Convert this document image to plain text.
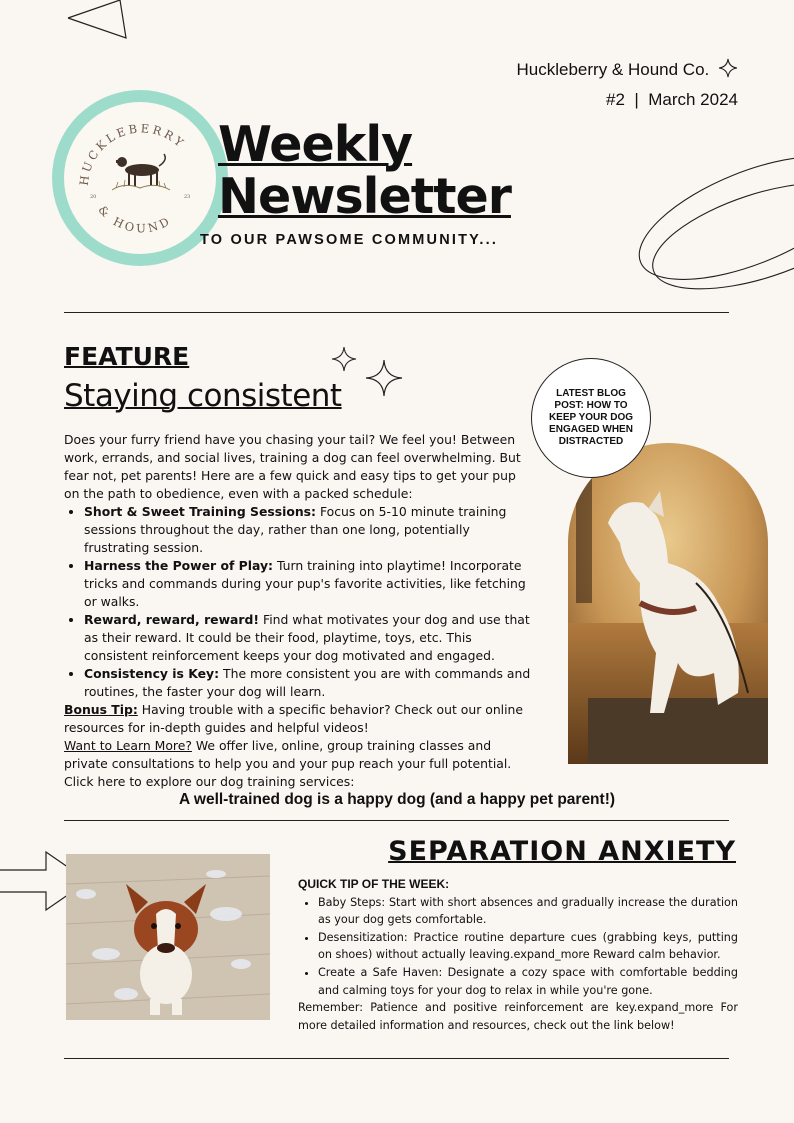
Huckleberry & Hound Co.
#2  |  March 2024
HUCKLEBERRY
& HOUND
20	23
Weekly
Newsletter
TO OUR PAWSOME COMMUNITY...
FEATURE
Staying consistent

Does your furry friend have you chasing your tail? We feel you! Between work, errands, and social lives, training a dog can feel overwhelming. But fear not, pet parents! Here are a few quick and easy tips to get your pup on the path to obedience, even with a packed schedule:

• Short & Sweet Training Sessions: Focus on 5-10 minute training sessions throughout the day, rather than one long, potentially frustrating session.
• Harness the Power of Play: Turn training into playtime! Incorporate tricks and commands during your pup's favorite activities, like fetching or walks.
• Reward, reward, reward! Find what motivates your dog and use that as their reward. It could be their food, playtime, toys, etc. This consistent reinforcement keeps your dog motivated and engaged.
• Consistency is Key: The more consistent you are with commands and routines, the faster your dog will learn.

Bonus Tip: Having trouble with a specific behavior? Check out our online resources for in-depth guides and helpful videos!

Want to Learn More? We offer live, online, group training classes and private consultations to help you and your pup reach your full potential.

Click here to explore our dog training services:

LATEST BLOG POST: HOW TO KEEP YOUR DOG ENGAGED WHEN DISTRACTED
A well-trained dog is a happy dog (and a happy pet parent!)
SEPARATION ANXIETY

QUICK TIP OF THE WEEK:

• Baby Steps: Start with short absences and gradually increase the duration as your dog gets comfortable.
• Desensitization: Practice routine departure cues (grabbing keys, putting on shoes) without actually leaving.expand_more Reward calm behavior.
• Create a Safe Haven: Designate a cozy space with comfortable bedding and calming toys for your dog to relax in while you're gone.

Remember: Patience and positive reinforcement are key.expand_more For more detailed information and resources, check out the link below!
